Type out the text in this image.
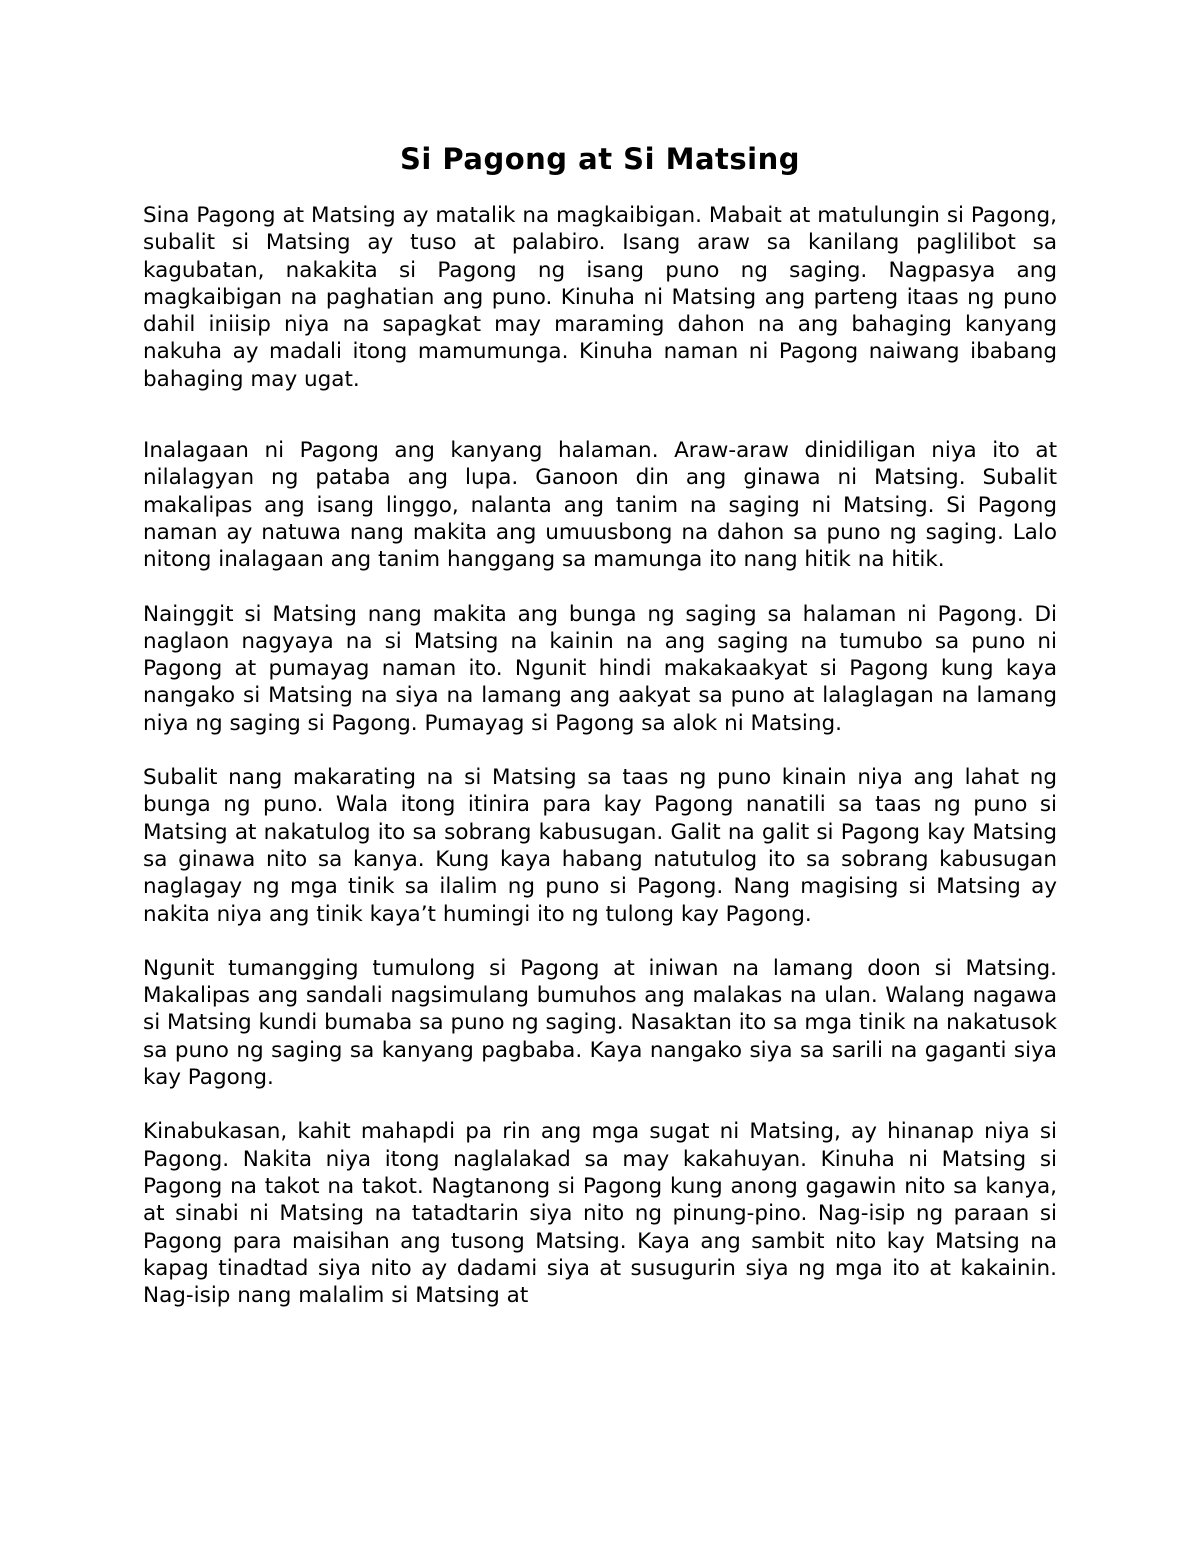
Si Pagong at Si Matsing

Sina Pagong at Matsing ay matalik na magkaibigan. Mabait at matulungin si Pagong, subalit si Matsing ay tuso at palabiro. Isang araw sa kanilang paglilibot sa kagubatan, nakakita si Pagong ng isang puno ng saging. Nagpasya ang magkaibigan na paghatian ang puno. Kinuha ni Matsing ang parteng itaas ng puno dahil iniisip niya na sapagkat may maraming dahon na ang bahaging kanyang nakuha ay madali itong mamumunga. Kinuha naman ni Pagong naiwang ibabang bahaging may ugat.

Inalagaan ni Pagong ang kanyang halaman. Araw-araw dinidiligan niya ito at nilalagyan ng pataba ang lupa. Ganoon din ang ginawa ni Matsing. Subalit makalipas ang isang linggo, nalanta ang tanim na saging ni Matsing. Si Pagong naman ay natuwa nang makita ang umuusbong na dahon sa puno ng saging. Lalo nitong inalagaan ang tanim hanggang sa mamunga ito nang hitik na hitik.

Nainggit si Matsing nang makita ang bunga ng saging sa halaman ni Pagong. Di naglaon nagyaya na si Matsing na kainin na ang saging na tumubo sa puno ni Pagong at pumayag naman ito. Ngunit hindi makakaakyat si Pagong kung kaya nangako si Matsing na siya na lamang ang aakyat sa puno at lalaglagan na lamang niya ng saging si Pagong. Pumayag si Pagong sa alok ni Matsing.

Subalit nang makarating na si Matsing sa taas ng puno kinain niya ang lahat ng bunga ng puno. Wala itong itinira para kay Pagong nanatili sa taas ng puno si Matsing at nakatulog ito sa sobrang kabusugan. Galit na galit si Pagong kay Matsing sa ginawa nito sa kanya. Kung kaya habang natutulog ito sa sobrang kabusugan naglagay ng mga tinik sa ilalim ng puno si Pagong. Nang magising si Matsing ay nakita niya ang tinik kaya’t humingi ito ng tulong kay Pagong.

Ngunit tumangging tumulong si Pagong at iniwan na lamang doon si Matsing. Makalipas ang sandali nagsimulang bumuhos ang malakas na ulan. Walang nagawa si Matsing kundi bumaba sa puno ng saging. Nasaktan ito sa mga tinik na nakatusok sa puno ng saging sa kanyang pagbaba. Kaya nangako siya sa sarili na gaganti siya kay Pagong.

Kinabukasan, kahit mahapdi pa rin ang mga sugat ni Matsing, ay hinanap niya si Pagong. Nakita niya itong naglalakad sa may kakahuyan. Kinuha ni Matsing si Pagong na takot na takot. Nagtanong si Pagong kung anong gagawin nito sa kanya, at sinabi ni Matsing na tatadtarin siya nito ng pinung-pino. Nag-isip ng paraan si Pagong para maisihan ang tusong Matsing. Kaya ang sambit nito kay Matsing na kapag tinadtad siya nito ay dadami siya at susugurin siya ng mga ito at kakainin. Nag-isip nang malalim si Matsing at
